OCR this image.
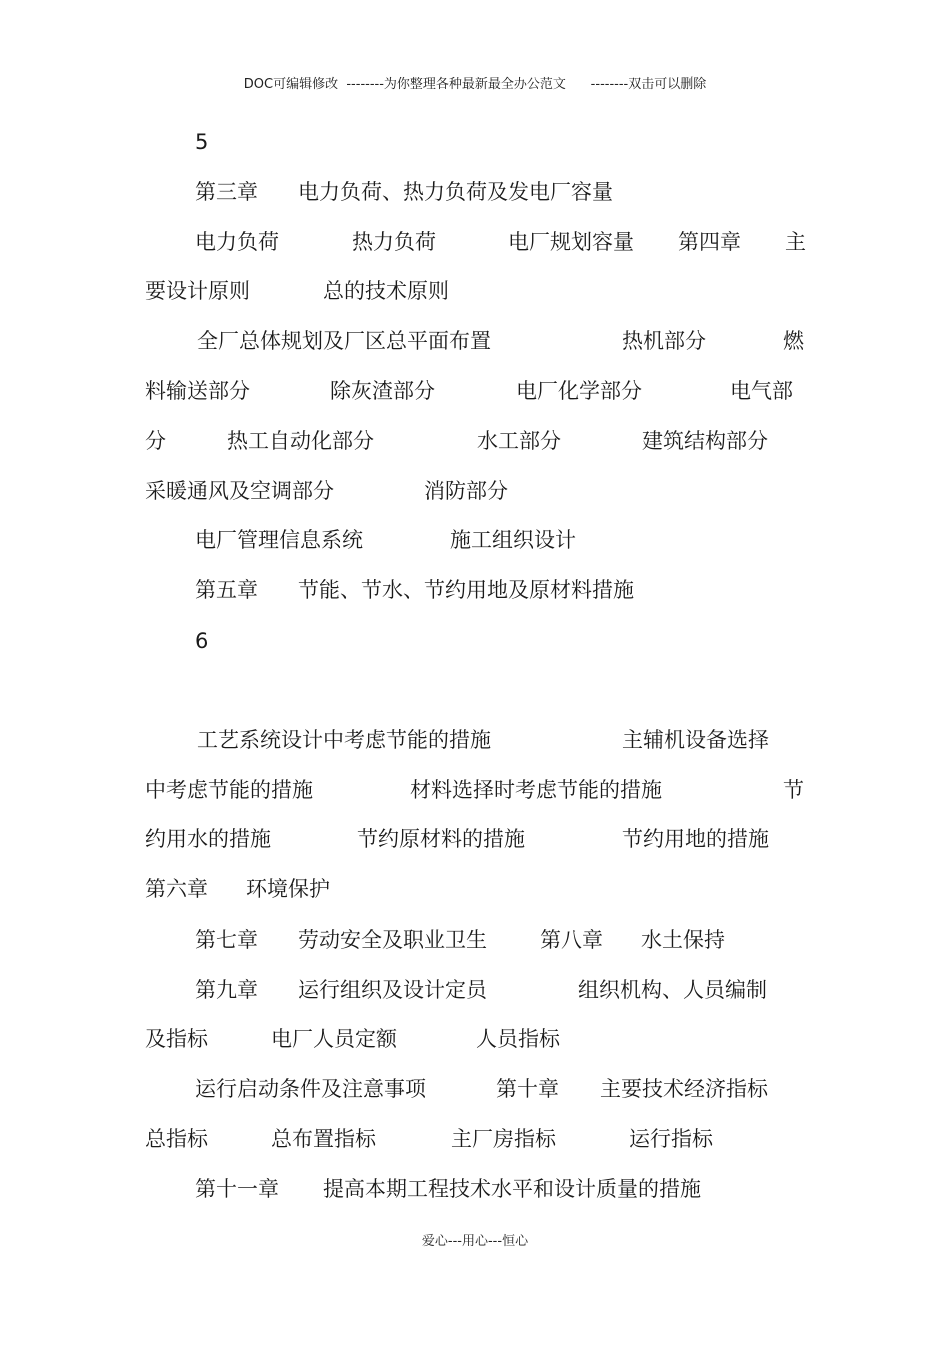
DOC可编辑修改  --------为你整理各种最新最全办公范文      --------双击可以删除
5
第三章 电力负荷、热力负荷及发电厂容量
电力负荷	热力负荷	电厂规划容量 第四章 主
要设计原则	总的技术原则
全厂总体规划及厂区总平面布置	热机部分	燃
料输送部分	除灰渣部分	电厂化学部分	电气部
分	热工自动化部分	水工部分	建筑结构部分
采暖通风及空调部分	消防部分
电厂管理信息系统	施工组织设计
第五章 节能、节水、节约用地及原材料措施
6
工艺系统设计中考虑节能的措施	主辅机设备选择
中考虑节能的措施	材料选择时考虑节能的措施	节
约用水的措施	节约原材料的措施	节约用地的措施
第六章 环境保护
第七章 劳动安全及职业卫生	第八章 水土保持
第九章 运行组织及设计定员	组织机构、人员编制
及指标	电厂人员定额	人员指标
运行启动条件及注意事项	第十章 主要技术经济指标
总指标	总布置指标	主厂房指标	运行指标
第十一章 提高本期工程技术水平和设计质量的措施
爱心---用心---恒心
